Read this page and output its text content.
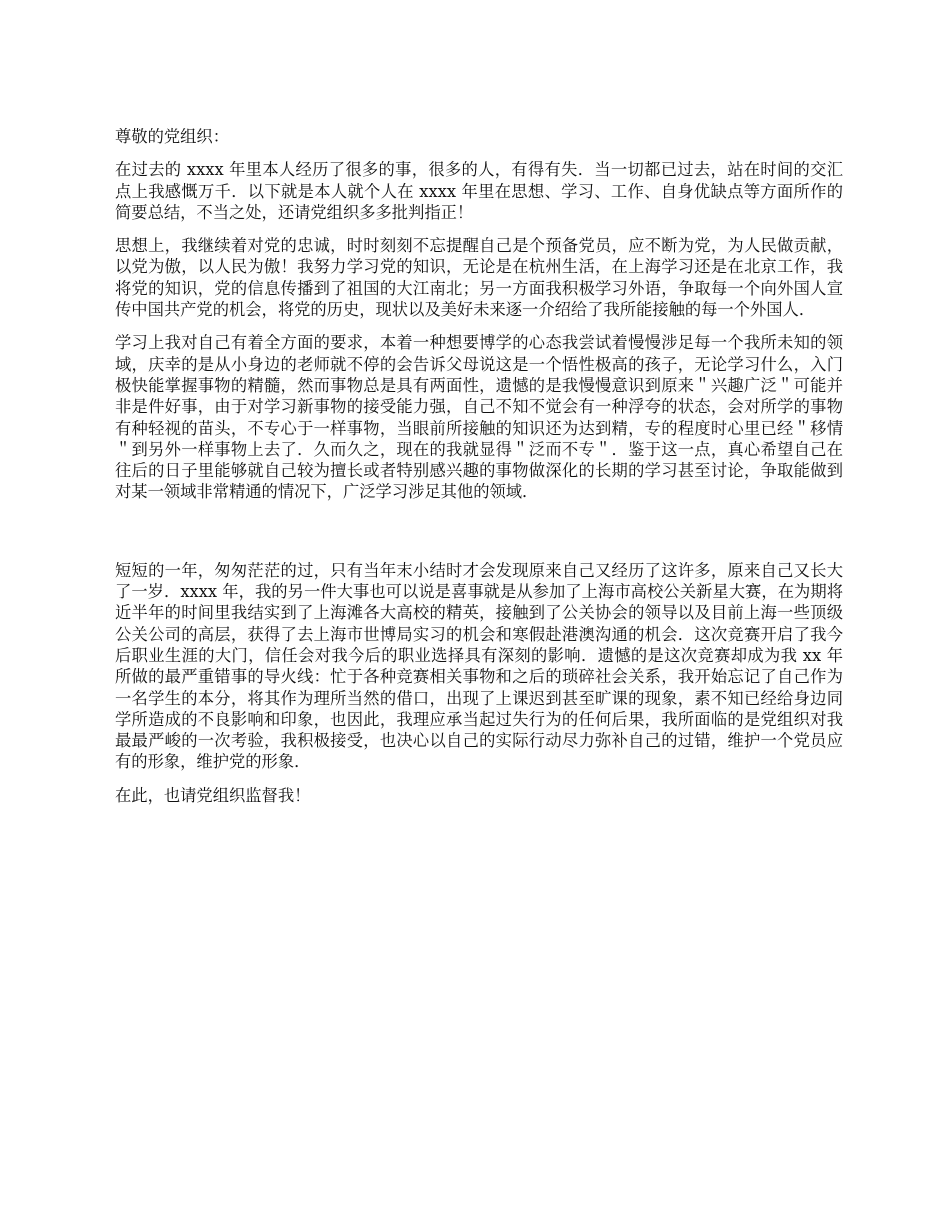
尊敬的党组织：

在过去的 xxxx 年里本人经历了很多的事，很多的人，有得有失．当一切都已过去，站在时间的交汇点上我感慨万千．以下就是本人就个人在 xxxx 年里在思想、学习、工作、自身优缺点等方面所作的简要总结，不当之处，还请党组织多多批判指正！

思想上，我继续着对党的忠诚，时时刻刻不忘提醒自己是个预备党员，应不断为党，为人民做贡献，以党为傲，以人民为傲！我努力学习党的知识，无论是在杭州生活，在上海学习还是在北京工作，我将党的知识，党的信息传播到了祖国的大江南北；另一方面我积极学习外语，争取每一个向外国人宣传中国共产党的机会，将党的历史，现状以及美好未来逐一介绍给了我所能接触的每一个外国人．

学习上我对自己有着全方面的要求，本着一种想要博学的心态我尝试着慢慢涉足每一个我所未知的领域，庆幸的是从小身边的老师就不停的会告诉父母说这是一个悟性极高的孩子，无论学习什么，入门极快能掌握事物的精髓，然而事物总是具有两面性，遗憾的是我慢慢意识到原来＂兴趣广泛＂可能并非是件好事，由于对学习新事物的接受能力强，自己不知不觉会有一种浮夸的状态，会对所学的事物有种轻视的苗头，不专心于一样事物，当眼前所接触的知识还为达到精，专的程度时心里已经＂移情＂到另外一样事物上去了．久而久之，现在的我就显得＂泛而不专＂．鉴于这一点，真心希望自己在往后的日子里能够就自己较为擅长或者特别感兴趣的事物做深化的长期的学习甚至讨论，争取能做到对某一领域非常精通的情况下，广泛学习涉足其他的领域．

短短的一年，匆匆茫茫的过，只有当年末小结时才会发现原来自己又经历了这许多，原来自己又长大了一岁．xxxx 年，我的另一件大事也可以说是喜事就是从参加了上海市高校公关新星大赛，在为期将近半年的时间里我结实到了上海滩各大高校的精英，接触到了公关协会的领导以及目前上海一些顶级公关公司的高层，获得了去上海市世博局实习的机会和寒假赴港澳沟通的机会．这次竞赛开启了我今后职业生涯的大门，信任会对我今后的职业选择具有深刻的影响．遗憾的是这次竞赛却成为我 xx 年所做的最严重错事的导火线：忙于各种竞赛相关事物和之后的琐碎社会关系，我开始忘记了自己作为一名学生的本分，将其作为理所当然的借口，出现了上课迟到甚至旷课的现象，素不知已经给身边同学所造成的不良影响和印象，也因此，我理应承当起过失行为的任何后果，我所面临的是党组织对我最最严峻的一次考验，我积极接受，也决心以自己的实际行动尽力弥补自己的过错，维护一个党员应有的形象，维护党的形象．

在此，也请党组织监督我！
